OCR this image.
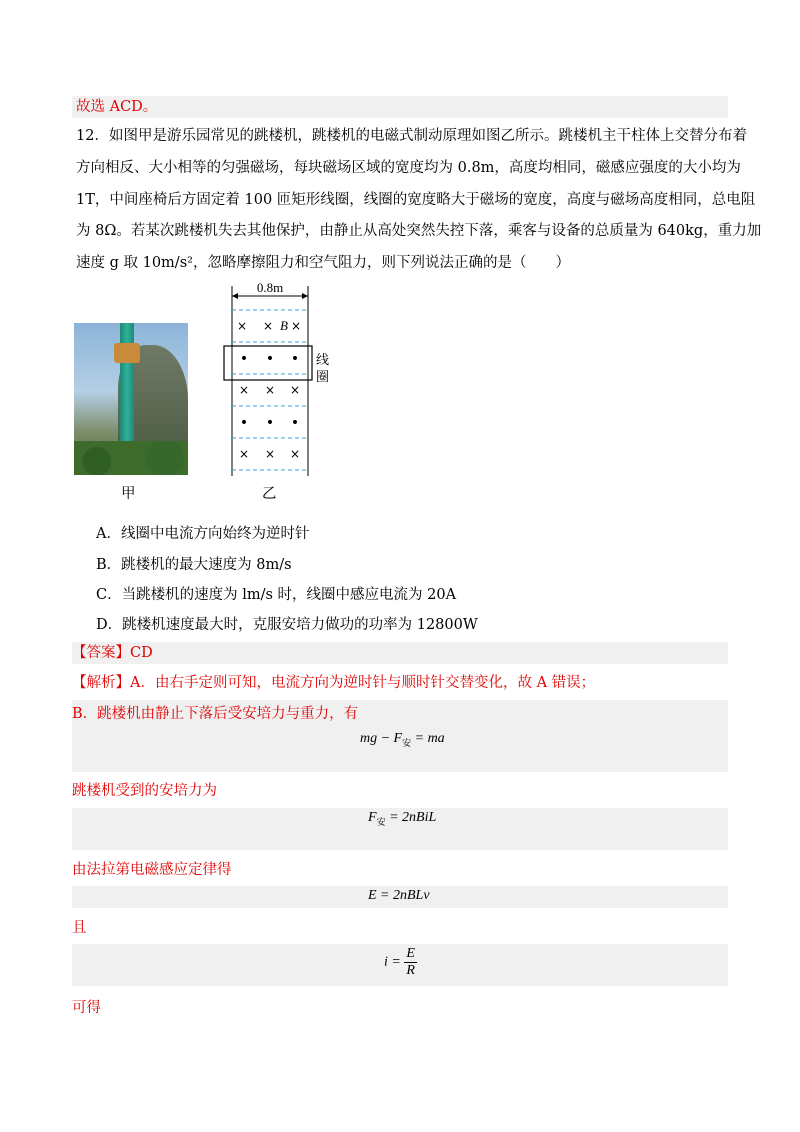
故选 ACD。
12．如图甲是游乐园常见的跳楼机，跳楼机的电磁式制动原理如图乙所示。跳楼机主干柱体上交替分布着
方向相反、大小相等的匀强磁场，每块磁场区域的宽度均为 0.8m，高度均相同，磁感应强度的大小均为
1T，中间座椅后方固定着 100 匝矩形线圈，线圈的宽度略大于磁场的宽度，高度与磁场高度相同，总电阻
为 8Ω。若某次跳楼机失去其他保护，由静止从高处突然失控下落，乘客与设备的总质量为 640kg，重力加
速度 g 取 10m/s²，忽略摩擦阻力和空气阻力，则下列说法正确的是（　　）
甲
0.8m
× × B ×
• • •
× × ×
• • •
× × ×
线
圈
乙
A．线圈中电流方向始终为逆时针
B．跳楼机的最大速度为 8m/s
C．当跳楼机的速度为 lm/s 时，线圈中感应电流为 20A
D．跳楼机速度最大时，克服安培力做功的功率为 12800W
【答案】CD
【解析】A．由右手定则可知，电流方向为逆时针与顺时针交替变化，故 A 错误；
B．跳楼机由静止下落后受安培力与重力，有
mg − $F_安$ = ma
跳楼机受到的安培力为
$F_安$ = 2nBiL
由法拉第电磁感应定律得
E = 2nBLv
且
$i = \frac{E}{R}$
可得
